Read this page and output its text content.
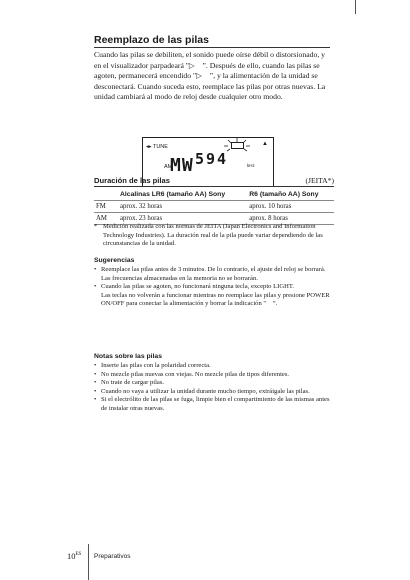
Reemplazo de las pilas
Cuando las pilas se debiliten, el sonido puede oírse débil o distorsionado, y en el visualizador parpadeará "​▷ ”. Después de ello, cuando las pilas se agoten, permanecerá encendido "​▷ ”, y la alimentación de la unidad se desconectará. Cuando suceda esto, reemplace las pilas por otras nuevas. La unidad cambiará al modo de reloj desde cualquier otro modo.
◂▸ TUNE	▲
AM 594	kHz
MW
Duración de las pilas	(JEITA*)
	Alcalinas LR6 (tamaño AA) Sony	R6 (tamaño AA) Sony
FM	aprox. 32 horas	aprox. 10 horas
AM	aprox. 23 horas	aprox. 8 horas
* Medición realizada con las normas de JEITA (Japan Electronics and Information Technology Industries). La duración real de la pila puede variar dependiendo de las circunstancias de la unidad.
Sugerencias
• Reemplace las pilas antes de 3 minutos. De lo contrario, el ajuste del reloj se borrará. Las frecuencias almacenadas en la memoria no se borrarán.
• Cuando las pilas se agoten, no funcionará ninguna tecla, excepto LIGHT.
Las teclas no volverán a funcionar mientras no reemplace las pilas y presione POWER ON/OFF para conectar la alimentación y borrar la indicación " ”.
Notas sobre las pilas
• Inserte las pilas con la polaridad correcta.
• No mezcle pilas nuevas con viejas. No mezcle pilas de tipos diferentes.
• No trate de cargar pilas.
• Cuando no vaya a utilizar la unidad durante mucho tiempo, extráigale las pilas.
• Si el electrólito de las pilas se fuga, limpie bien el compartimiento de las mismas antes de instalar otras nuevas.
$10^{ES}$ Preparativos
